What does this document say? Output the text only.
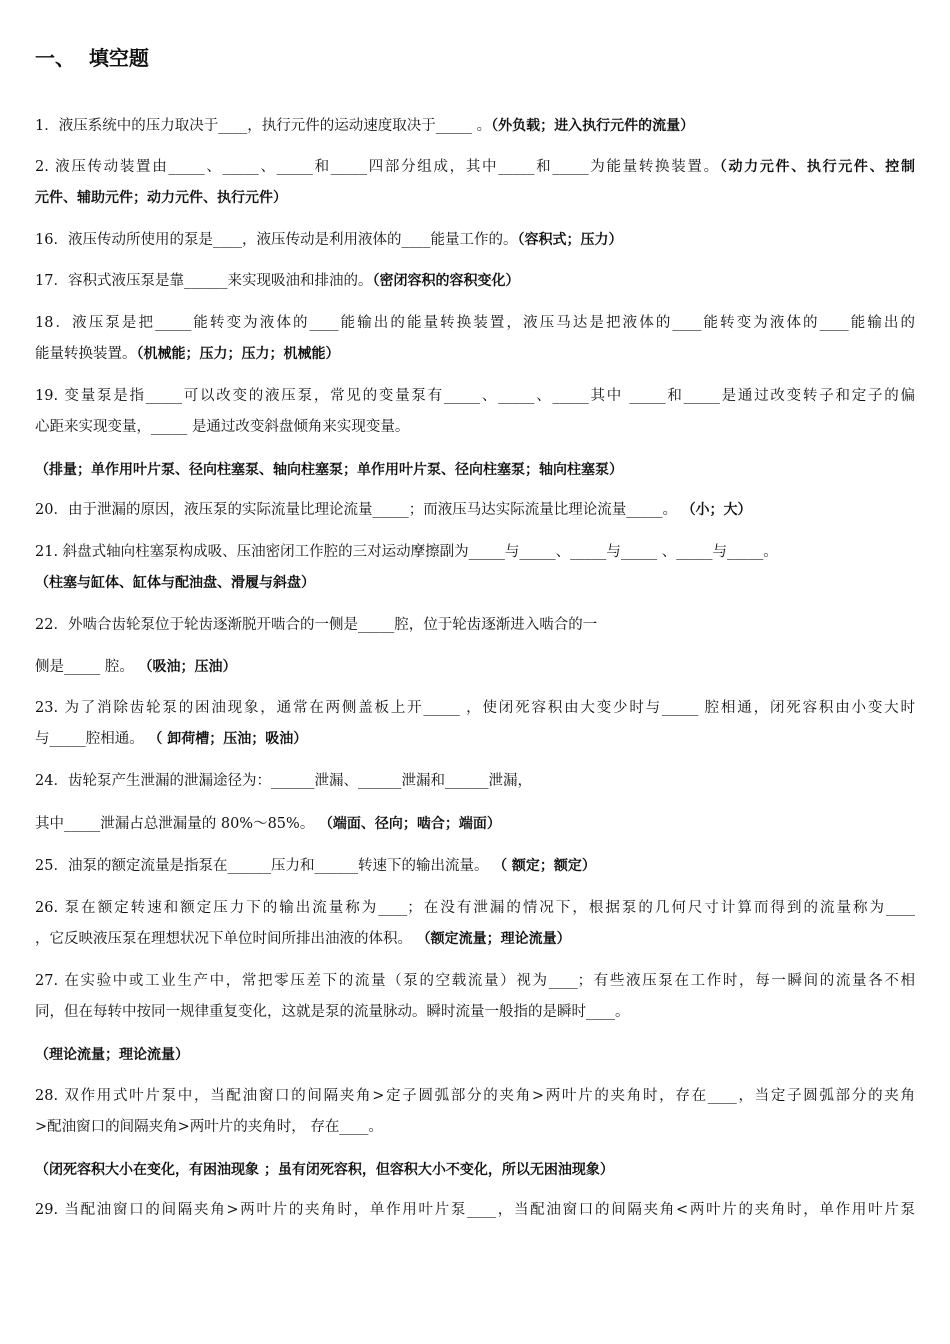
一、  填空题
1．液压系统中的压力取决于____，执行元件的运动速度取决于_____ 。（外负载；进入执行元件的流量）
2. 液压传动装置由_____、_____、_____和_____四部分组成，其中_____和_____为能量转换装置。（动力元件、执行元件、控制
元件、辅助元件；动力元件、执行元件）
16．液压传动所使用的泵是____，液压传动是利用液体的____能量工作的。（容积式；压力）
17．容积式液压泵是靠______来实现吸油和排油的。（密闭容积的容积变化）
18．液压泵是把_____能转变为液体的____能输出的能量转换装置，液压马达是把液体的____能转变为液体的____能输出的
能量转换装置。（机械能；压力；压力；机械能）
19. 变量泵是指_____可以改变的液压泵，常见的变量泵有_____、_____、_____其中 _____和_____是通过改变转子和定子的偏
心距来实现变量，_____ 是通过改变斜盘倾角来实现变量。
（排量；单作用叶片泵、径向柱塞泵、轴向柱塞泵；单作用叶片泵、径向柱塞泵；轴向柱塞泵）
20．由于泄漏的原因，液压泵的实际流量比理论流量_____；而液压马达实际流量比理论流量_____。 （小；大）
21. 斜盘式轴向柱塞泵构成吸、压油密闭工作腔的三对运动摩擦副为_____与_____、_____与_____ 、_____与_____。
（柱塞与缸体、缸体与配油盘、滑履与斜盘）
22．外啮合齿轮泵位于轮齿逐渐脱开啮合的一侧是_____腔，位于轮齿逐渐进入啮合的一
侧是_____ 腔。 （吸油；压油）
23. 为了消除齿轮泵的困油现象，通常在两侧盖板上开_____ ，使闭死容积由大变少时与_____ 腔相通，闭死容积由小变大时
与_____腔相通。 （ 卸荷槽；压油；吸油）
24．齿轮泵产生泄漏的泄漏途径为：______泄漏、______泄漏和______泄漏，
其中_____泄漏占总泄漏量的 80%～85%。 （端面、径向；啮合；端面）
25．油泵的额定流量是指泵在______压力和______转速下的输出流量。 （ 额定；额定）
26. 泵在额定转速和额定压力下的输出流量称为____；在没有泄漏的情况下，根据泵的几何尺寸计算而得到的流量称为____
，它反映液压泵在理想状况下单位时间所排出油液的体积。 （额定流量；理论流量）
27. 在实验中或工业生产中，常把零压差下的流量（泵的空载流量）视为____；有些液压泵在工作时，每一瞬间的流量各不相
同，但在每转中按同一规律重复变化，这就是泵的流量脉动。瞬时流量一般指的是瞬时____。
（理论流量；理论流量）
28. 双作用式叶片泵中，当配油窗口的间隔夹角>定子圆弧部分的夹角>两叶片的夹角时，存在____，当定子圆弧部分的夹角
>配油窗口的间隔夹角>两叶片的夹角时， 存在____。
（闭死容积大小在变化，有困油现象 ；虽有闭死容积，但容积大小不变化，所以无困油现象）
29. 当配油窗口的间隔夹角>两叶片的夹角时，单作用叶片泵____，当配油窗口的间隔夹角<两叶片的夹角时，单作用叶片泵
